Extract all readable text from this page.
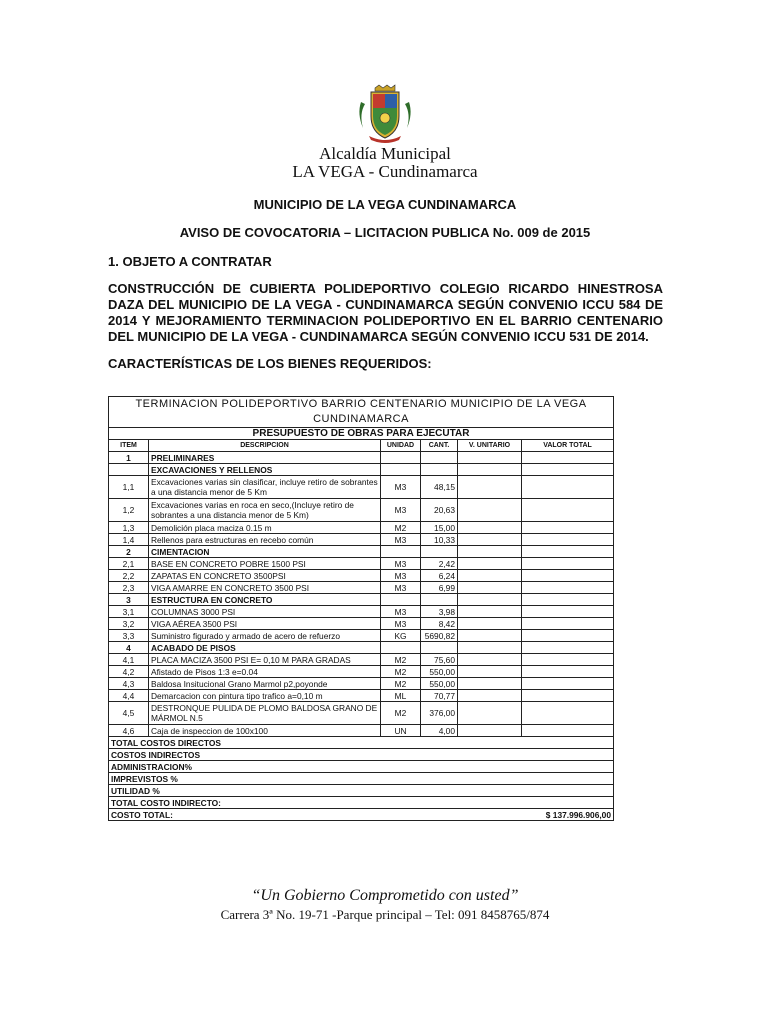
Alcaldía Municipal
LA VEGA - Cundinamarca
MUNICIPIO DE LA VEGA CUNDINAMARCA
AVISO DE COVOCATORIA – LICITACION PUBLICA No. 009 de 2015
1. OBJETO A CONTRATAR
CONSTRUCCIÓN DE CUBIERTA POLIDEPORTIVO COLEGIO RICARDO HINESTROSA DAZA DEL MUNICIPIO DE LA VEGA - CUNDINAMARCA SEGÚN CONVENIO ICCU 584 DE 2014 Y MEJORAMIENTO TERMINACION POLIDEPORTIVO EN EL BARRIO CENTENARIO DEL MUNICIPIO DE LA VEGA - CUNDINAMARCA SEGÚN CONVENIO ICCU 531 DE 2014.
CARACTERÍSTICAS DE LOS BIENES REQUERIDOS:
TERMINACION POLIDEPORTIVO BARRIO CENTENARIO MUNICIPIO DE LA VEGA
CUNDINAMARCA					
PRESUPUESTO DE OBRAS PARA EJECUTAR					
ITEM	DESCRIPCION	UNIDAD	CANT.	V. UNITARIO	VALOR TOTAL
1	PRELIMINARES				
	EXCAVACIONES Y RELLENOS				
1,1	Excavaciones varias sin clasificar, incluye retiro de sobrantes a una distancia menor de 5 Km	M3	48,15		
1,2	Excavaciones varias en roca en seco,(Incluye retiro de sobrantes a una distancia menor de 5 Km)	M3	20,63		
1,3	Demolición placa maciza 0.15 m	M2	15,00		
1,4	Rellenos para estructuras en recebo común	M3	10,33		
2	CIMENTACION				
2,1	BASE EN CONCRETO POBRE 1500 PSI	M3	2,42		
2,2	ZAPATAS EN CONCRETO 3500PSI	M3	6,24		
2,3	VIGA AMARRE EN CONCRETO 3500 PSI	M3	6,99		
3	ESTRUCTURA EN CONCRETO				
3,1	COLUMNAS 3000 PSI	M3	3,98		
3,2	VIGA AÉREA 3500 PSI	M3	8,42		
3,3	Suministro figurado y armado de acero de refuerzo	KG	5690,82		
4	ACABADO DE PISOS				
4,1	PLACA MACIZA 3500 PSI E= 0,10 M PARA GRADAS	M2	75,60		
4,2	Afistado de Pisos 1:3 e=0.04	M2	550,00		
4,3	Baldosa Insitucional Grano Marmol p2,poyonde	M2	550,00		
4,4	Demarcacion con pintura tipo trafico a=0,10 m	ML	70,77		
4,5	DESTRONQUE PULIDA DE PLOMO BALDOSA GRANO DE MÁRMOL N.5	M2	376,00		
4,6	Caja de inspeccion de 100x100	UN	4,00		
TOTAL COSTOS DIRECTOS					
COSTOS INDIRECTOS					
ADMINISTRACION%					
IMPREVISTOS %					
UTILIDAD %					
TOTAL COSTO INDIRECTO:					
COSTO TOTAL:					$ 137.996.906,00
“Un Gobierno Comprometido con usted”
Carrera 3ª No. 19-71 -Parque principal – Tel: 091 8458765/874
